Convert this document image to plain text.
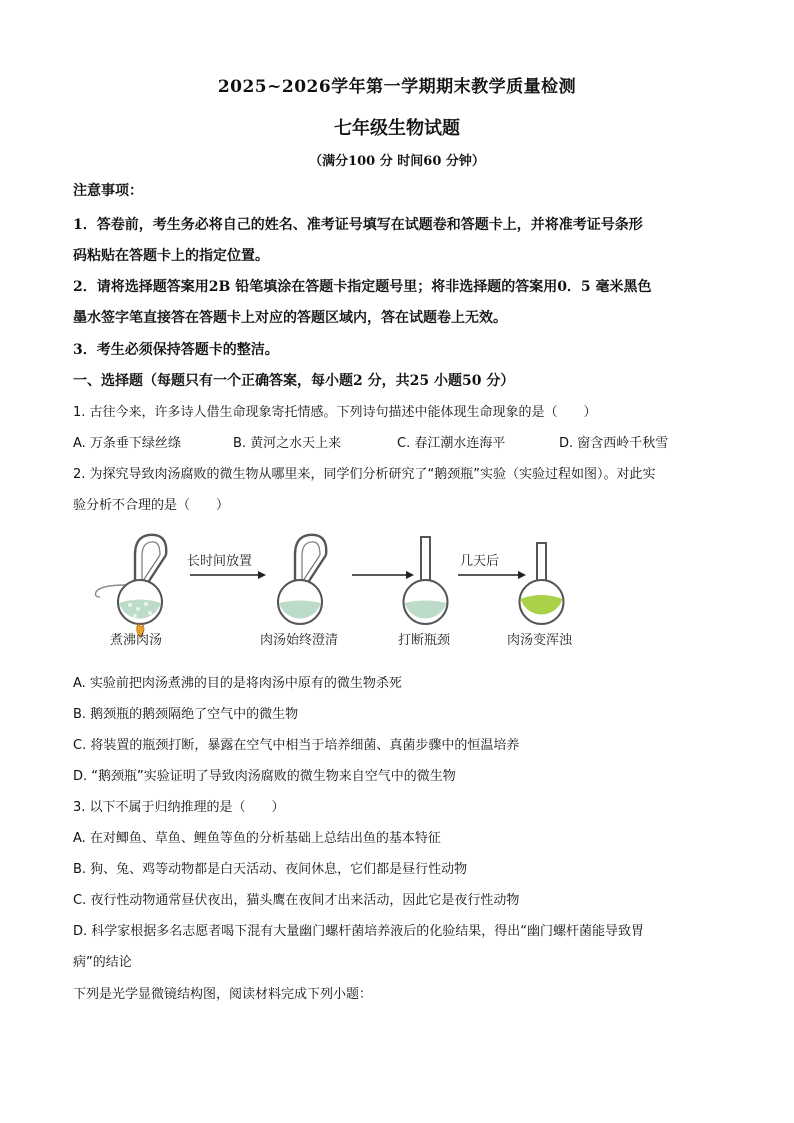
2025~2026学年第一学期期末教学质量检测
七年级生物试题
（满分100 分 时间60 分钟）
注意事项：
1．答卷前，考生务必将自己的姓名、准考证号填写在试题卷和答题卡上，并将准考证号条形
码粘贴在答题卡上的指定位置。
2．请将选择题答案用2B 铅笔填涂在答题卡指定题号里；将非选择题的答案用0．5 毫米黑色
墨水签字笔直接答在答题卡上对应的答题区域内，答在试题卷上无效。
3．考生必须保持答题卡的整洁。
一、选择题（每题只有一个正确答案，每小题2 分，共25 小题50 分）
1. 古往今来，许多诗人借生命现象寄托情感。下列诗句描述中能体现生命现象的是（　　）
A. 万条垂下绿丝绦	B. 黄河之水天上来	C. 春江潮水连海平	D. 窗含西岭千秋雪
2. 为探究导致肉汤腐败的微生物从哪里来，同学们分析研究了“鹅颈瓶”实验（实验过程如图）。对此实
验分析不合理的是（　　）
长时间放置	几天后
煮沸肉汤	肉汤始终澄清	打断瓶颈	肉汤变浑浊
A. 实验前把肉汤煮沸的目的是将肉汤中原有的微生物杀死
B. 鹅颈瓶的鹅颈隔绝了空气中的微生物
C. 将装置的瓶颈打断，暴露在空气中相当于培养细菌、真菌步骤中的恒温培养
D. “鹅颈瓶”实验证明了导致肉汤腐败的微生物来自空气中的微生物
3. 以下不属于归纳推理的是（　　）
A. 在对鲫鱼、草鱼、鲤鱼等鱼的分析基础上总结出鱼的基本特征
B. 狗、兔、鸡等动物都是白天活动、夜间休息，它们都是昼行性动物
C. 夜行性动物通常昼伏夜出，猫头鹰在夜间才出来活动，因此它是夜行性动物
D. 科学家根据多名志愿者喝下混有大量幽门螺杆菌培养液后的化验结果，得出“幽门螺杆菌能导致胃
病”的结论
下列是光学显微镜结构图，阅读材料完成下列小题：
